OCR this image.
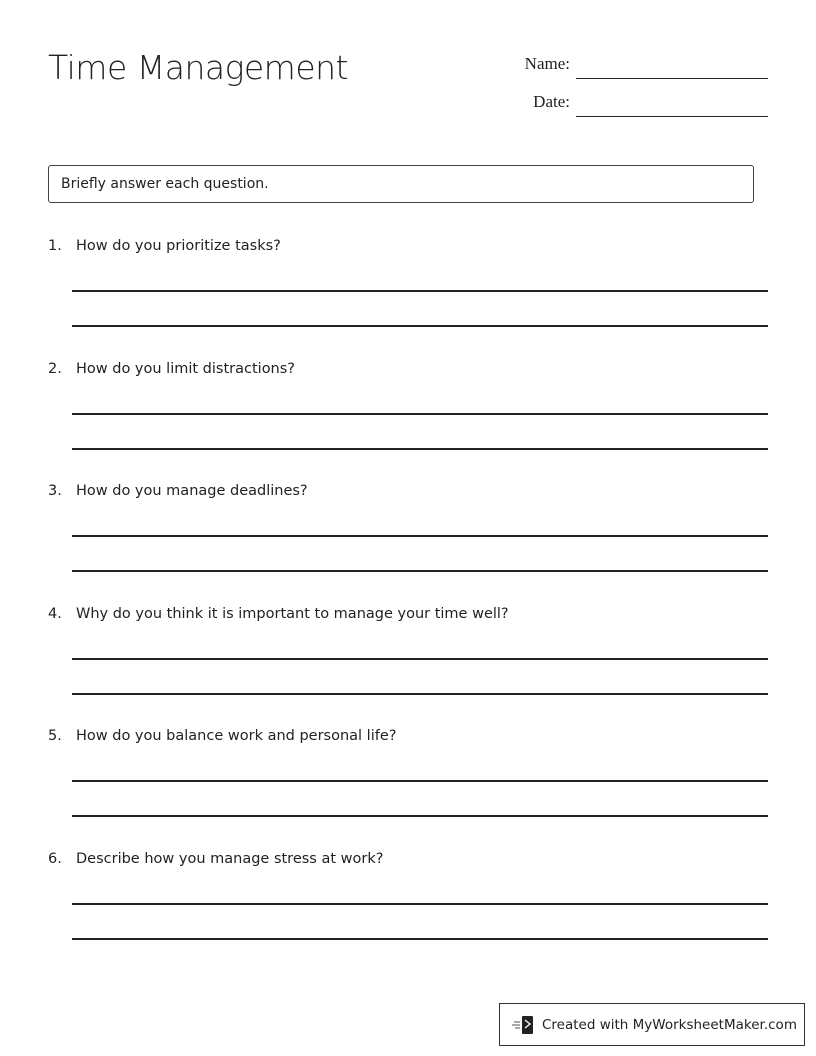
Time Management	Name:
Date:
Briefly answer each question.
1. How do you prioritize tasks?
2. How do you limit distractions?
3. How do you manage deadlines?
4. Why do you think it is important to manage your time well?
5. How do you balance work and personal life?
6. Describe how you manage stress at work?
Created with MyWorksheetMaker.com
